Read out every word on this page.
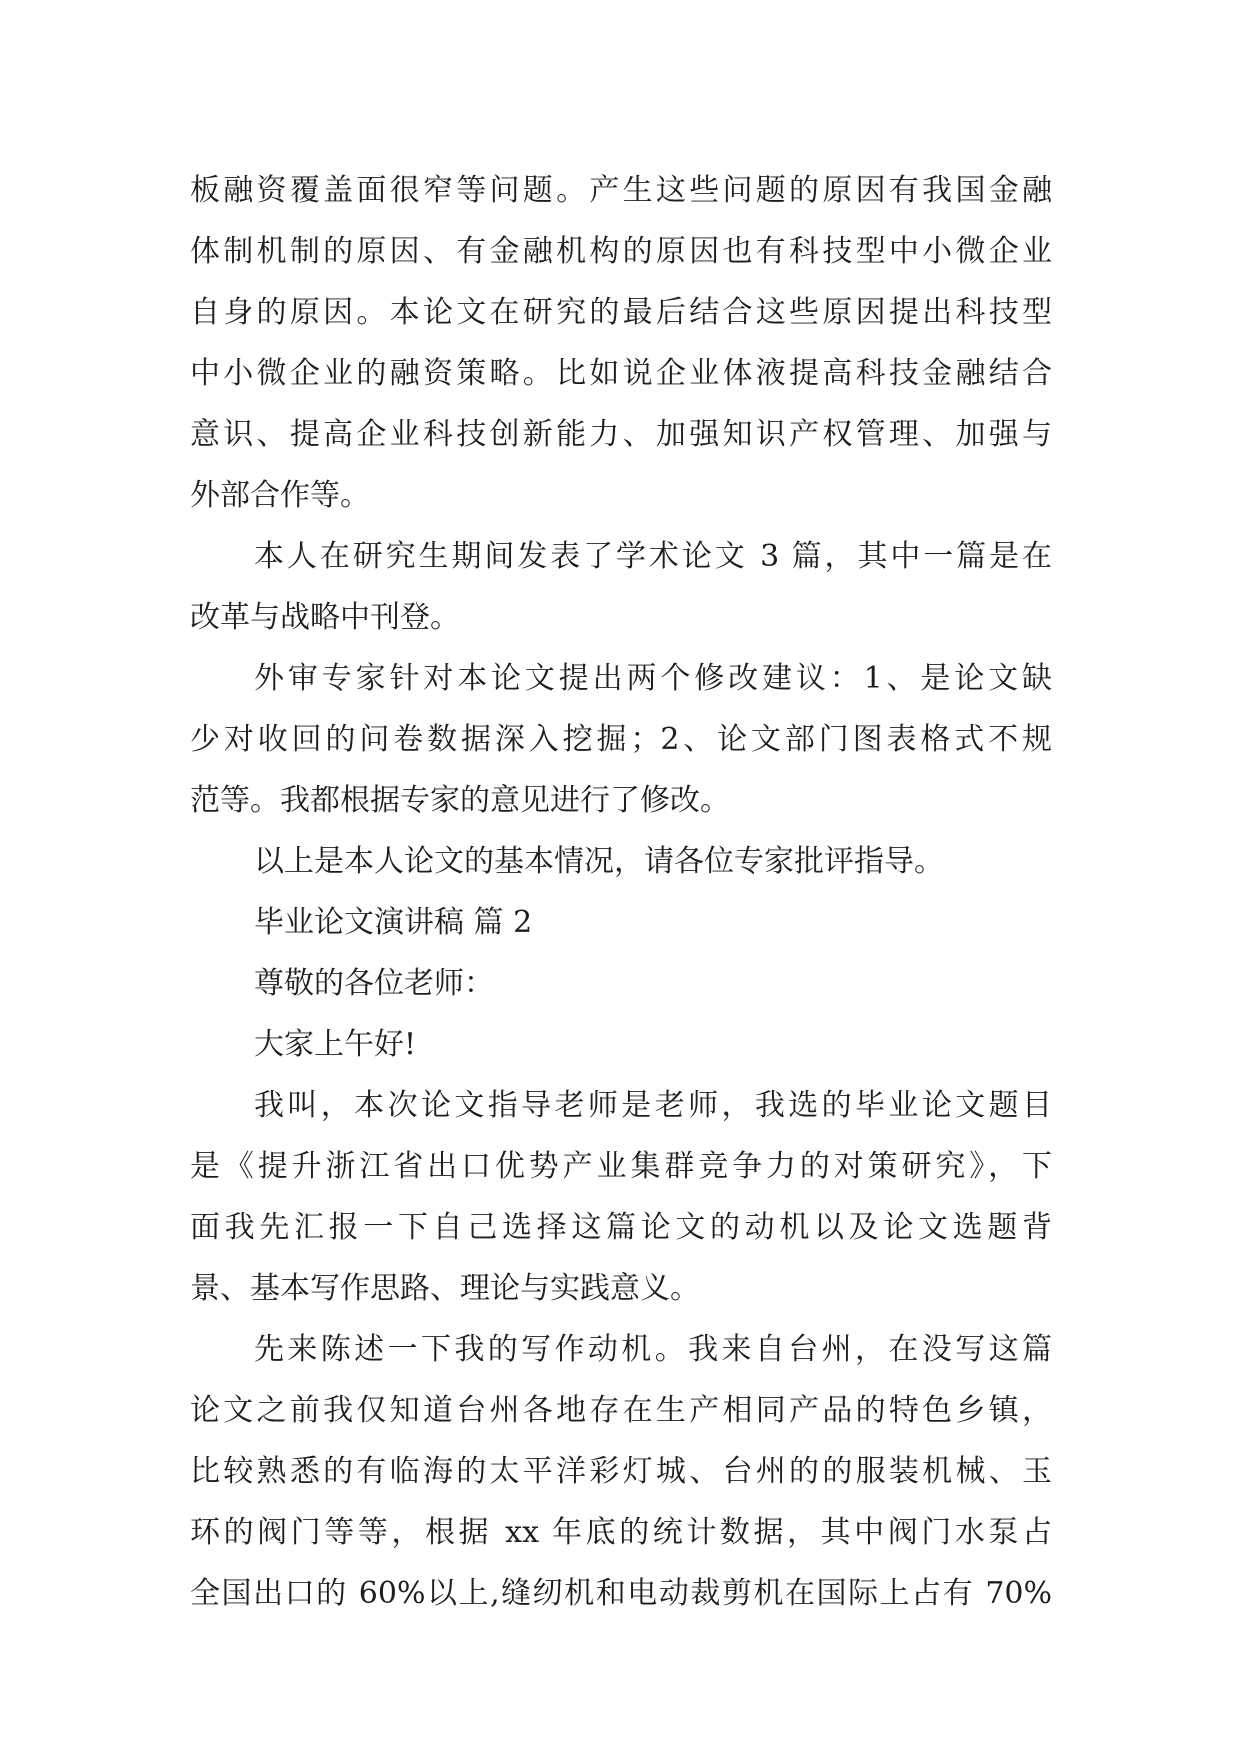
板融资覆盖面很窄等问题。产生这些问题的原因有我国金融
体制机制的原因、有金融机构的原因也有科技型中小微企业
自身的原因。本论文在研究的最后结合这些原因提出科技型
中小微企业的融资策略。比如说企业体液提高科技金融结合
意识、提高企业科技创新能力、加强知识产权管理、加强与
外部合作等。
本人在研究生期间发表了学术论文 3 篇，其中一篇是在
改革与战略中刊登。
外审专家针对本论文提出两个修改建议：1、是论文缺
少对收回的问卷数据深入挖掘；2、论文部门图表格式不规
范等。我都根据专家的意见进行了修改。
以上是本人论文的基本情况，请各位专家批评指导。
毕业论文演讲稿 篇 2
尊敬的各位老师：
大家上午好!
我叫，本次论文指导老师是老师，我选的毕业论文题目
是《提升浙江省出口优势产业集群竞争力的对策研究》，下
面我先汇报一下自己选择这篇论文的动机以及论文选题背
景、基本写作思路、理论与实践意义。
先来陈述一下我的写作动机。我来自台州，在没写这篇
论文之前我仅知道台州各地存在生产相同产品的特色乡镇，
比较熟悉的有临海的太平洋彩灯城、台州的的服装机械、玉
环的阀门等等，根据 xx 年底的统计数据，其中阀门水泵占
全国出口的 60%以上,缝纫机和电动裁剪机在国际上占有 70%
